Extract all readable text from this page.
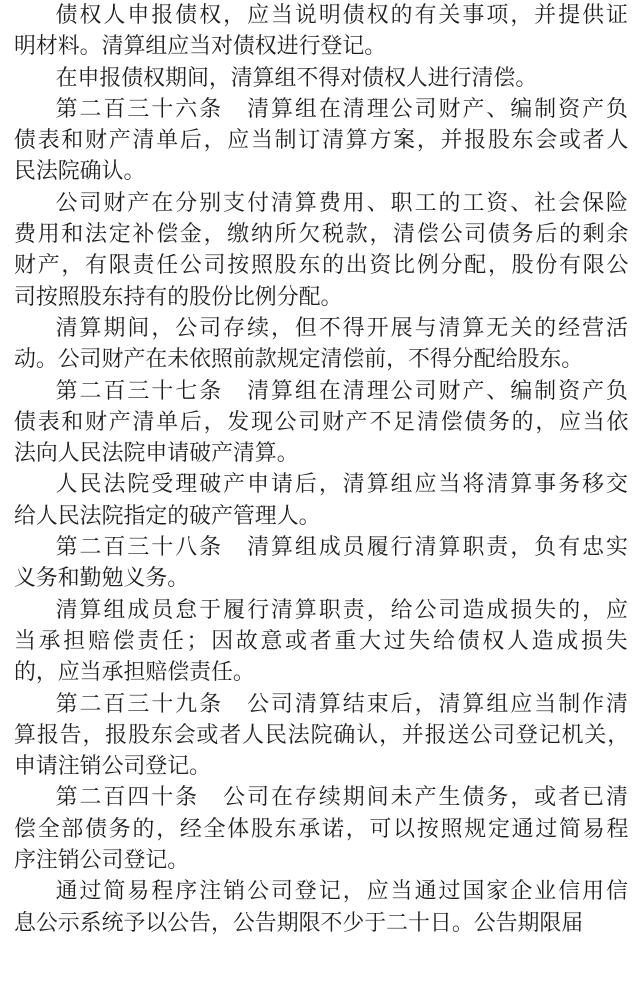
债权人申报债权，应当说明债权的有关事项，并提供证
明材料。清算组应当对债权进行登记。
在申报债权期间，清算组不得对债权人进行清偿。
第二百三十六条　清算组在清理公司财产、编制资产负
债表和财产清单后，应当制订清算方案，并报股东会或者人
民法院确认。
公司财产在分别支付清算费用、职工的工资、社会保险
费用和法定补偿金，缴纳所欠税款，清偿公司债务后的剩余
财产，有限责任公司按照股东的出资比例分配，股份有限公
司按照股东持有的股份比例分配。
清算期间，公司存续，但不得开展与清算无关的经营活
动。公司财产在未依照前款规定清偿前，不得分配给股东。
第二百三十七条　清算组在清理公司财产、编制资产负
债表和财产清单后，发现公司财产不足清偿债务的，应当依
法向人民法院申请破产清算。
人民法院受理破产申请后，清算组应当将清算事务移交
给人民法院指定的破产管理人。
第二百三十八条　清算组成员履行清算职责，负有忠实
义务和勤勉义务。
清算组成员怠于履行清算职责，给公司造成损失的，应
当承担赔偿责任；因故意或者重大过失给债权人造成损失
的，应当承担赔偿责任。
第二百三十九条　公司清算结束后，清算组应当制作清
算报告，报股东会或者人民法院确认，并报送公司登记机关，
申请注销公司登记。
第二百四十条　公司在存续期间未产生债务，或者已清
偿全部债务的，经全体股东承诺，可以按照规定通过简易程
序注销公司登记。
通过简易程序注销公司登记，应当通过国家企业信用信
息公示系统予以公告，公告期限不少于二十日。公告期限届
